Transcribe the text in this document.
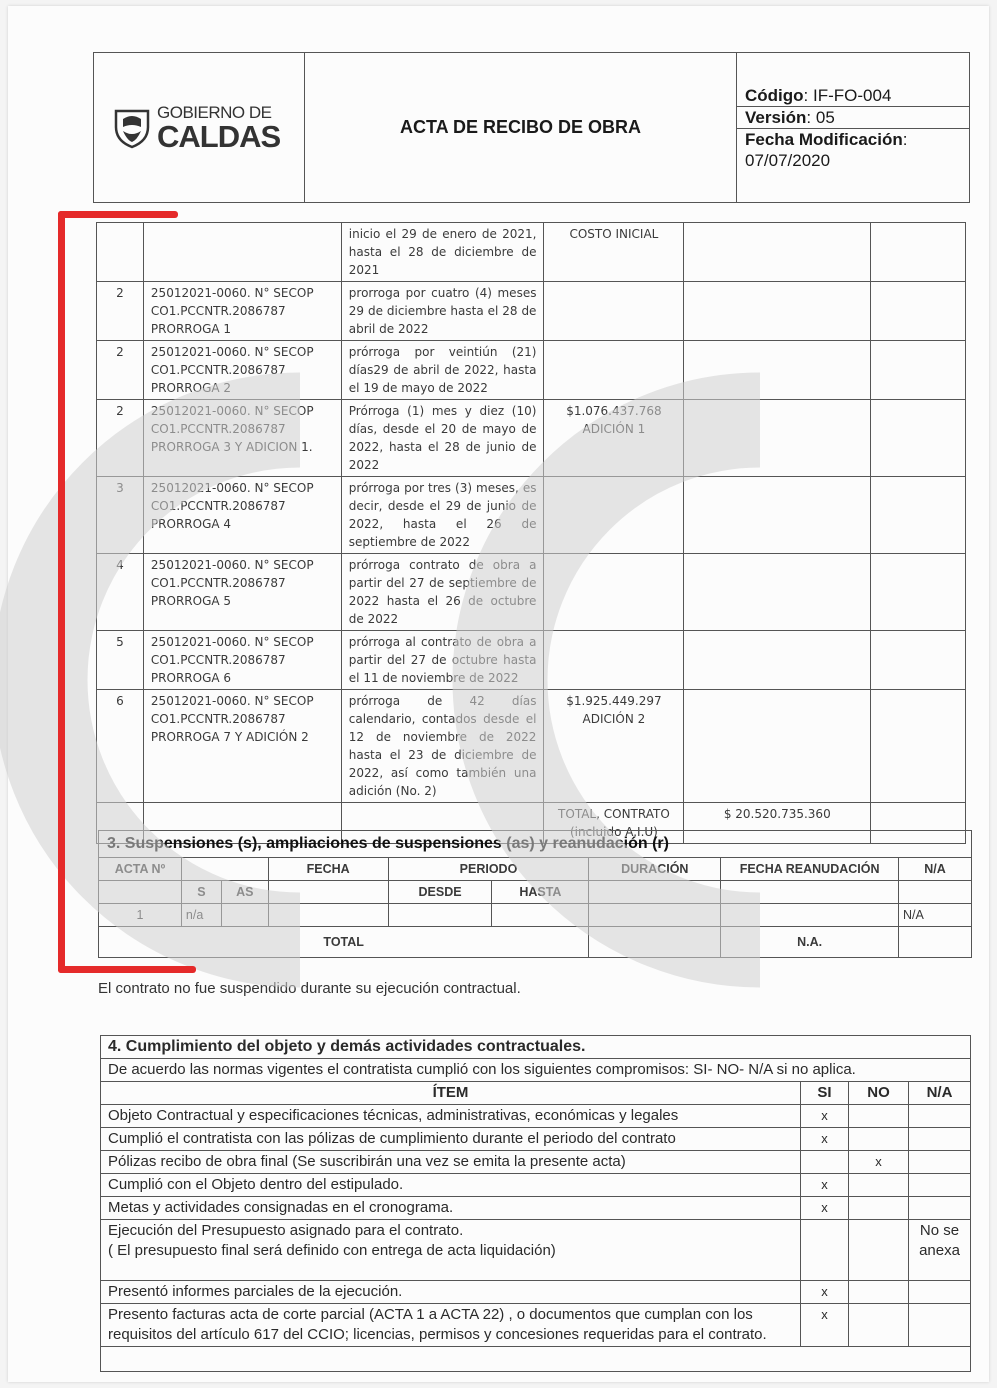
GOBIERNO DE
CALDAS	ACTA DE RECIBO DE OBRA	
Código: IF-FO-004
Versión: 05
Fecha Modificación:
07/07/2020
		inicio el 29 de enero de 2021, hasta el 28 de diciembre de 2021	COSTO INICIAL		
2	25012021-0060. N° SECOP CO1.PCCNTR.2086787 PRORROGA 1	prorroga por cuatro (4) meses 29 de diciembre hasta el 28 de abril de 2022			
2	25012021-0060. N° SECOP CO1.PCCNTR.2086787 PRORROGA 2	prórroga por veintiún (21) días29 de abril de 2022, hasta el 19 de mayo de 2022			
2	25012021-0060. N° SECOP CO1.PCCNTR.2086787 PRORROGA 3 Y ADICION 1.	Prórroga (1) mes y diez (10) días, desde el 20 de mayo de 2022, hasta el 28 de junio de 2022	$1.076.437.768 ADICIÓN 1		
3	25012021-0060. N° SECOP CO1.PCCNTR.2086787 PRORROGA 4	prórroga por tres (3) meses, es decir, desde el 29 de junio de 2022, hasta el 26 de septiembre de 2022			
4	25012021-0060. N° SECOP CO1.PCCNTR.2086787 PRORROGA 5	prórroga contrato de obra a partir del 27 de septiembre de 2022 hasta el 26 de octubre de 2022			
5	25012021-0060. N° SECOP CO1.PCCNTR.2086787 PRORROGA 6	prórroga al contrato de obra a partir del 27 de octubre hasta el 11 de noviembre de 2022			
6	25012021-0060. N° SECOP CO1.PCCNTR.2086787 PRORROGA 7 Y ADICIÓN 2	prórroga de 42 días calendario, contados desde el 12 de noviembre de 2022 hasta el 23 de diciembre de 2022, así como también una adición (No. 2)	$1.925.449.297 ADICIÓN 2		
			TOTAL, CONTRATO (incluido A.I.U)	$ 20.520.735.360	
3. Suspensiones (s), ampliaciones de suspensiones (as) y reanudación (r)								
ACTA Nº			FECHA	PERIODO		DURACIÓN	FECHA REANUDACIÓN	N/A
	S	AS		DESDE	HASTA			
1	n/a							N/A
TOTAL							N.A.	
El contrato no fue suspendido durante su ejecución contractual.
4. Cumplimiento del objeto y demás actividades contractuales.			
De acuerdo las normas vigentes el contratista cumplió con los siguientes compromisos: SI- NO- N/A si no aplica.			
ÍTEM	SI	NO	N/A

Objeto Contractual y especificaciones técnicas, administrativas, económicas y legales	x		

Cumplió el contratista con las pólizas de cumplimiento durante el periodo del contrato	x		

Pólizas recibo de obra final (Se suscribirán una vez se emita la presente acta)		x	

Cumplió con el Objeto dentro del estipulado.	x		

Metas y actividades consignadas en el cronograma.	x		

Ejecución del Presupuesto asignado para el contrato.
( El presupuesto final será definido con entrega de acta liquidación)			No se anexa

Presentó informes parciales de la ejecución.	x		

Presento facturas acta de corte parcial (ACTA 1 a ACTA 22) , o documentos que cumplan con los requisitos del artículo 617 del CCIO; licencias, permisos y concesiones requeridas para el contrato.	x		
